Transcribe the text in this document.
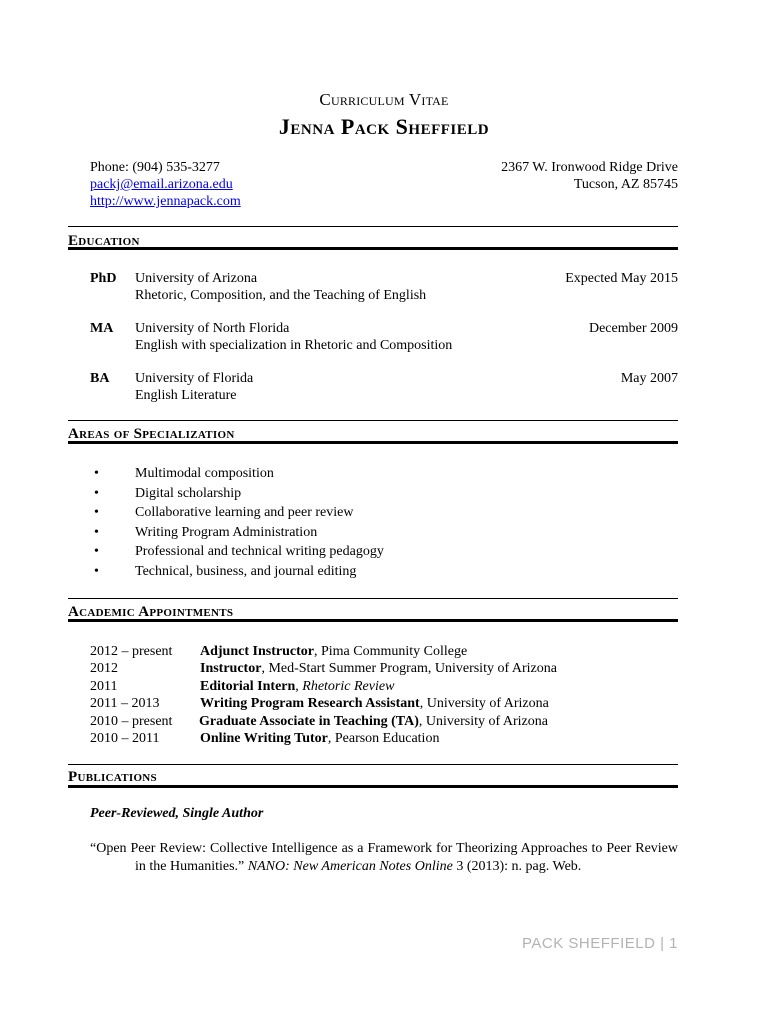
Curriculum Vitae
Jenna Pack Sheffield
Phone: (904) 535-3277
packj@email.arizona.edu
http://www.jennapack.com
2367 W. Ironwood Ridge Drive
Tucson, AZ 85745
Education
PhD University of Arizona
Rhetoric, Composition, and the Teaching of English
Expected May 2015
MA University of North Florida
English with specialization in Rhetoric and Composition
December 2009
BA University of Florida
English Literature
May 2007
Areas of Specialization
• Multimodal composition
• Digital scholarship
• Collaborative learning and peer review
• Writing Program Administration
• Professional and technical writing pedagogy
• Technical, business, and journal editing
Academic Appointments
2012 – present Adjunct Instructor, Pima Community College
2012	Instructor, Med-Start Summer Program, University of Arizona
2011	Editorial Intern, Rhetoric Review
2011 – 2013	Writing Program Research Assistant, University of Arizona
2010 – present Graduate Associate in Teaching (TA), University of Arizona
2010 – 2011	Online Writing Tutor, Pearson Education
Publications
Peer-Reviewed, Single Author
“Open Peer Review: Collective Intelligence as a Framework for Theorizing Approaches to Peer Review in the Humanities.” NANO: New American Notes Online 3 (2013): n. pag. Web.
PACK SHEFFIELD | 1
